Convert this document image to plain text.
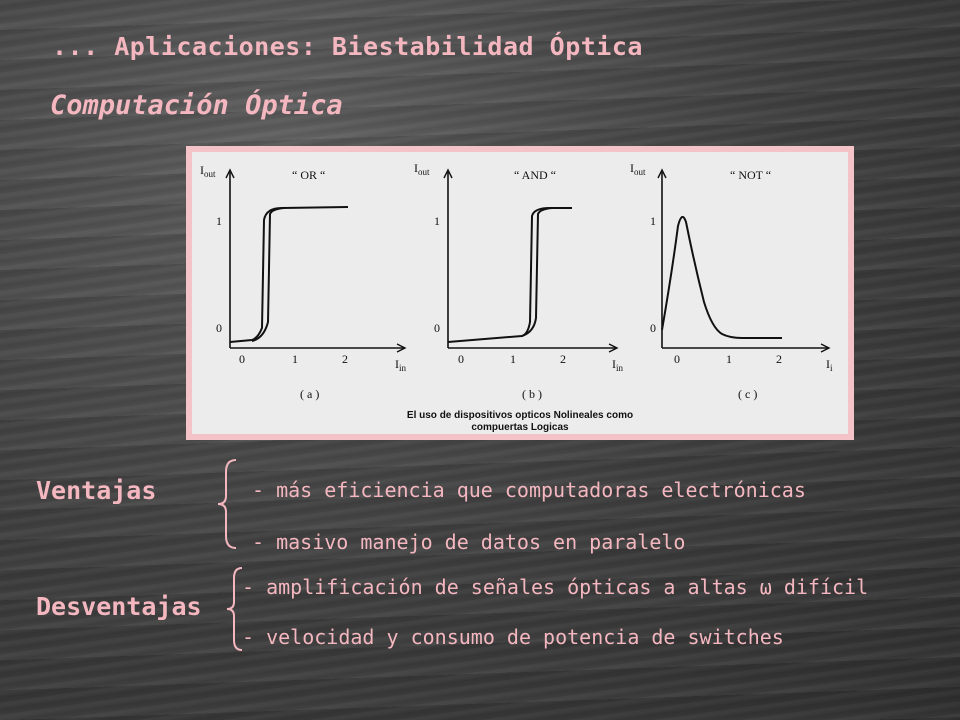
... Aplicaciones: Biestabilidad Óptica
Computación Óptica
$I_{out}$	“ OR “
1
0
0	1	2	$I_{in}$
( a )
$I_{out}$	“ AND “
1
0
0	1	2	$I_{in}$
( b )
$I_{out}$	“ NOT “
1
0
0	1	2	$I_i$
( c )
El uso de dispositivos opticos Nolineales como
compuertas Logicas
Ventajas	- más eficiencia que computadoras electrónicas
- masivo manejo de datos en paralelo
Desventajas
- amplificación de señales ópticas a altas ω difícil
- velocidad y consumo de potencia de switches
